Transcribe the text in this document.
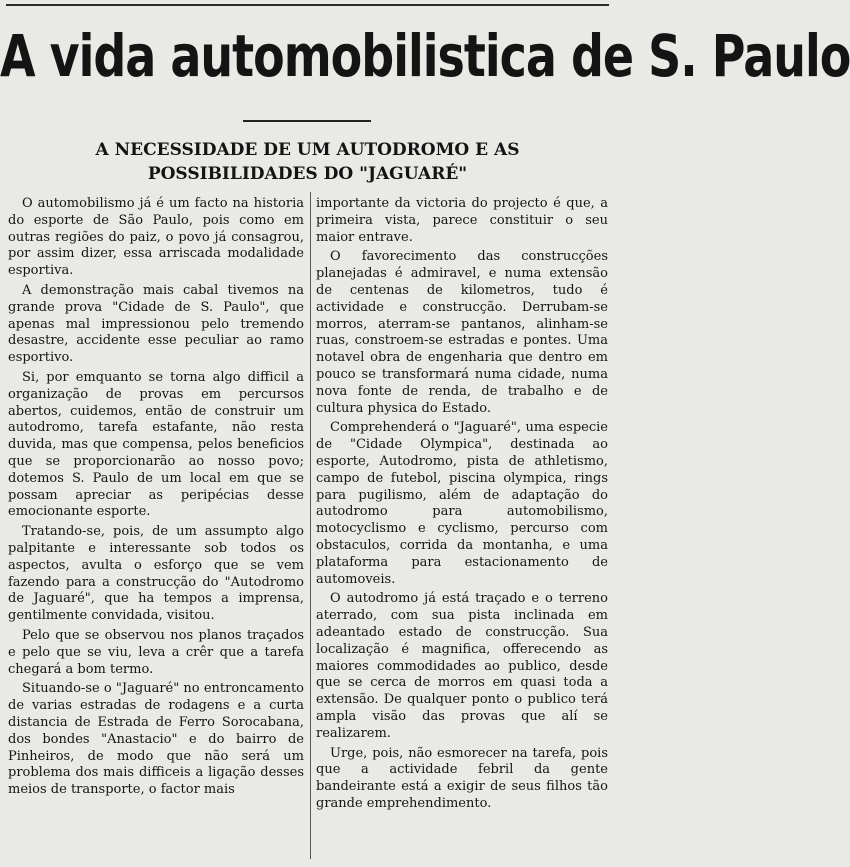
A vida automobilistica de S. Paulo
A NECESSIDADE DE UM AUTODROMO E AS POSSIBILIDADES DO "JAGUARÉ"

O automobilismo já é um facto na historia do esporte de São Paulo, pois como em outras regiões do paiz, o povo já consagrou, por assim dizer, essa arriscada modalidade esportiva.

A demonstração mais cabal tivemos na grande prova "Cidade de S. Paulo", que apenas mal impressionou pelo tremendo desastre, accidente esse peculiar ao ramo esportivo.

Si, por emquanto se torna algo difficil a organização de provas em percursos abertos, cuidemos, então de construir um autodromo, tarefa estafante, não resta duvida, mas que compensa, pelos beneficios que se proporcionarão ao nosso povo; dotemos S. Paulo de um local em que se possam apreciar as peripécias desse emocionante esporte.

Tratando-se, pois, de um assumpto algo palpitante e interessante sob todos os aspectos, avulta o esforço que se vem fazendo para a construcção do "Autodromo de Jaguaré", que ha tempos a imprensa, gentilmente convidada, visitou.

Pelo que se observou nos planos traçados e pelo que se viu, leva a crêr que a tarefa chegará a bom termo.

Situando-se o "Jaguaré" no entroncamento de varias estradas de rodagens e a curta distancia de Estrada de Ferro Sorocabana, dos bondes "Anastacio" e do bairro de Pinheiros, de modo que não será um problema dos mais difficeis a ligação desses meios de transporte, o factor mais

importante da victoria do projecto é que, a primeira vista, parece constituir o seu maior entrave.

O favorecimento das construcções planejadas é admiravel, e numa extensão de centenas de kilometros, tudo é actividade e construcção. Derrubam-se morros, aterram-se pantanos, alinham-se ruas, constroem-se estradas e pontes. Uma notavel obra de engenharia que dentro em pouco se transformará numa cidade, numa nova fonte de renda, de trabalho e de cultura physica do Estado.

Comprehenderá o "Jaguaré", uma especie de "Cidade Olympica", destinada ao esporte, Autodromo, pista de athletismo, campo de futebol, piscina olympica, rings para pugilismo, além de adaptação do autodromo para automobilismo, motocyclismo e cyclismo, percurso com obstaculos, corrida da montanha, e uma plataforma para estacionamento de automoveis.

O autodromo já está traçado e o terreno aterrado, com sua pista inclinada em adeantado estado de construcção. Sua localização é magnifica, offerecendo as maiores commodidades ao publico, desde que se cerca de morros em quasi toda a extensão. De qualquer ponto o publico terá ampla visão das provas que alí se realizarem.

Urge, pois, não esmorecer na tarefa, pois que a actividade febril da gente bandeirante está a exigir de seus filhos tão grande emprehendimento.
